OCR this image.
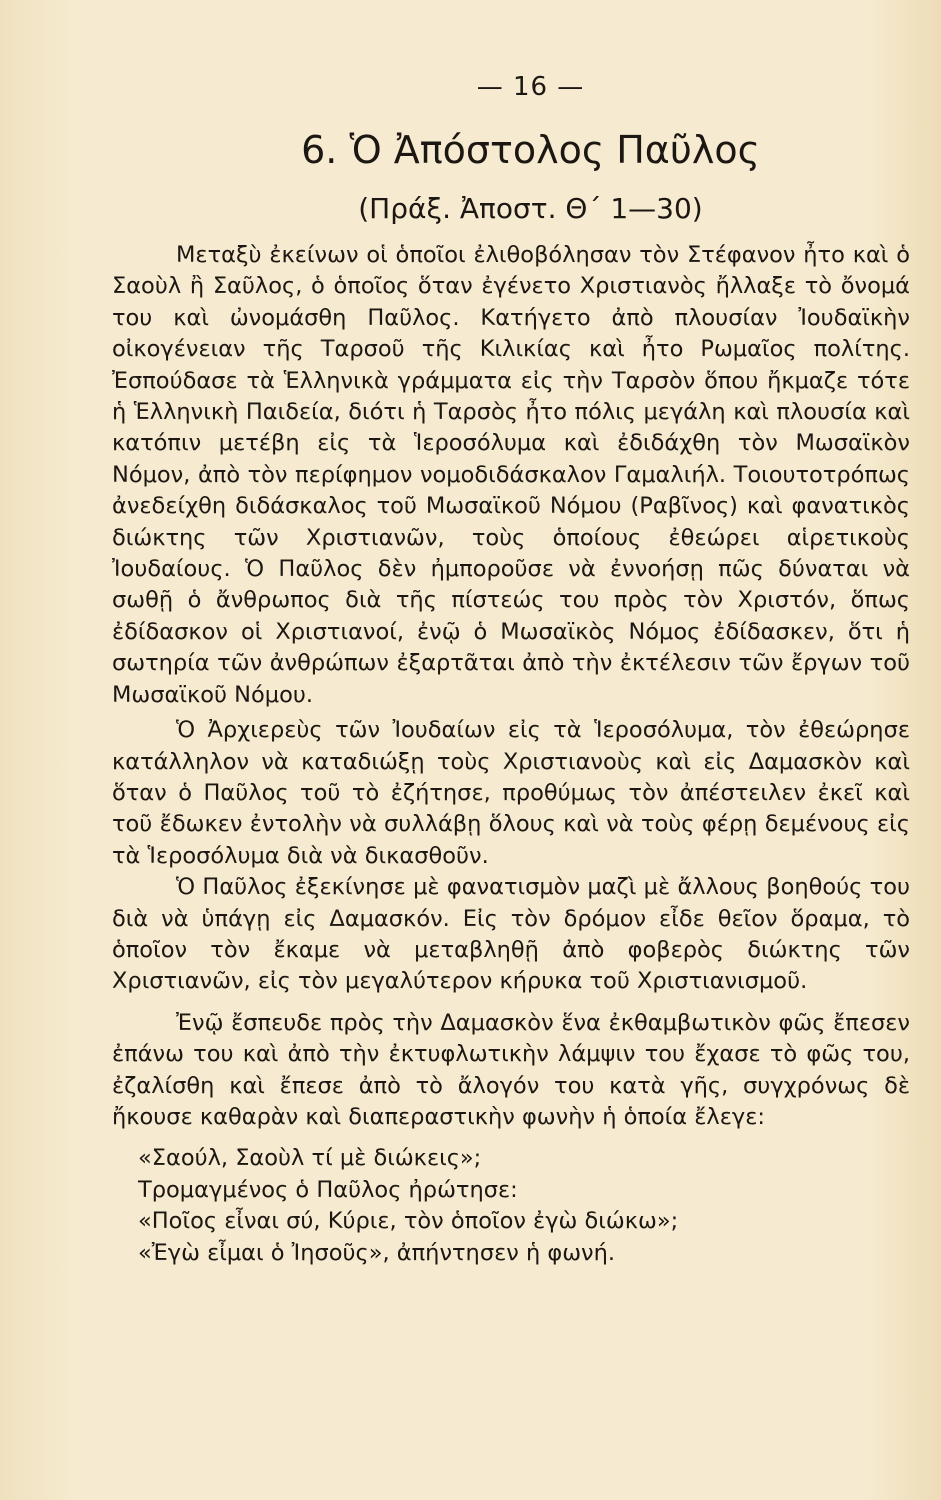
— 16 —
6. Ὁ Ἀπόστολος Παῦλος
(Πράξ. Ἀποστ. Θ΄ 1—30)

Μεταξὺ ἐκείνων οἱ ὁποῖοι ἐλιθοβόλησαν τὸν Στέφανον ἦτο καὶ ὁ Σαοὺλ ἢ Σαῦλος, ὁ ὁποῖος ὅταν ἐγένετο Χριστιανὸς ἤλλαξε τὸ ὄνομά του καὶ ὠνομάσθη Παῦλος. Κατήγετο ἀπὸ πλουσίαν Ἰουδαϊκὴν οἰκογένειαν τῆς Ταρσοῦ τῆς Κιλικίας καὶ ἦτο Ρωμαῖος πολίτης. Ἐσπούδασε τὰ Ἑλληνικὰ γράμματα εἰς τὴν Ταρσὸν ὅπου ἤκμαζε τότε ἡ Ἑλληνικὴ Παιδεία, διότι ἡ Ταρσὸς ἦτο πόλις μεγάλη καὶ πλουσία καὶ κατόπιν μετέβη εἰς τὰ Ἱεροσόλυμα καὶ ἐδιδάχθη τὸν Μωσαϊκὸν Νόμον, ἀπὸ τὸν περίφημον νομοδιδάσκαλον Γαμαλιήλ. Τοιουτοτρόπως ἀνεδείχθη διδάσκαλος τοῦ Μωσαϊκοῦ Νόμου (Ραβῖνος) καὶ φανατικὸς διώκτης τῶν Χριστιανῶν, τοὺς ὁποίους ἐθεώρει αἱρετικοὺς Ἰουδαίους. Ὁ Παῦλος δὲν ἠμποροῦσε νὰ ἐννοήσῃ πῶς δύναται νὰ σωθῇ ὁ ἄνθρωπος διὰ τῆς πίστεώς του πρὸς τὸν Χριστόν, ὅπως ἐδίδασκον οἱ Χριστιανοί, ἐνῷ ὁ Μωσαϊκὸς Νόμος ἐδίδασκεν, ὅτι ἡ σωτηρία τῶν ἀνθρώπων ἐξαρτᾶται ἀπὸ τὴν ἐκτέλεσιν τῶν ἔργων τοῦ Μωσαϊκοῦ Νόμου.

Ὁ Ἀρχιερεὺς τῶν Ἰουδαίων εἰς τὰ Ἱεροσόλυμα, τὸν ἐθεώρησε κατάλληλον νὰ καταδιώξῃ τοὺς Χριστιανοὺς καὶ εἰς Δαμασκὸν καὶ ὅταν ὁ Παῦλος τοῦ τὸ ἐζήτησε, προθύμως τὸν ἀπέστειλεν ἐκεῖ καὶ τοῦ ἔδωκεν ἐντολὴν νὰ συλλάβῃ ὅλους καὶ νὰ τοὺς φέρῃ δεμένους εἰς τὰ Ἱεροσόλυμα διὰ νὰ δικασθοῦν.

Ὁ Παῦλος ἐξεκίνησε μὲ φανατισμὸν μαζὶ μὲ ἄλλους βοηθούς του διὰ νὰ ὑπάγῃ εἰς Δαμασκόν. Εἰς τὸν δρόμον εἶδε θεῖον ὅραμα, τὸ ὁποῖον τὸν ἔκαμε νὰ μεταβληθῇ ἀπὸ φοβερὸς διώκτης τῶν Χριστιανῶν, εἰς τὸν μεγαλύτερον κήρυκα τοῦ Χριστιανισμοῦ.

Ἐνῷ ἔσπευδε πρὸς τὴν Δαμασκὸν ἕνα ἐκθαμβωτικὸν φῶς ἔπεσεν ἐπάνω του καὶ ἀπὸ τὴν ἐκτυφλωτικὴν λάμψιν του ἔχασε τὸ φῶς του, ἐζαλίσθη καὶ ἔπεσε ἀπὸ τὸ ἄλογόν του κατὰ γῆς, συγχρόνως δὲ ἤκουσε καθαρὰν καὶ διαπεραστικὴν φωνὴν ἡ ὁποία ἔλεγε:

«Σαούλ, Σαοὺλ τί μὲ διώκεις»;

Τρομαγμένος ὁ Παῦλος ἠρώτησε:

«Ποῖος εἶναι σύ, Κύριε, τὸν ὁποῖον ἐγὼ διώκω»;

«Ἐγὼ εἶμαι ὁ Ἰησοῦς», ἀπήντησεν ἡ φωνή.
